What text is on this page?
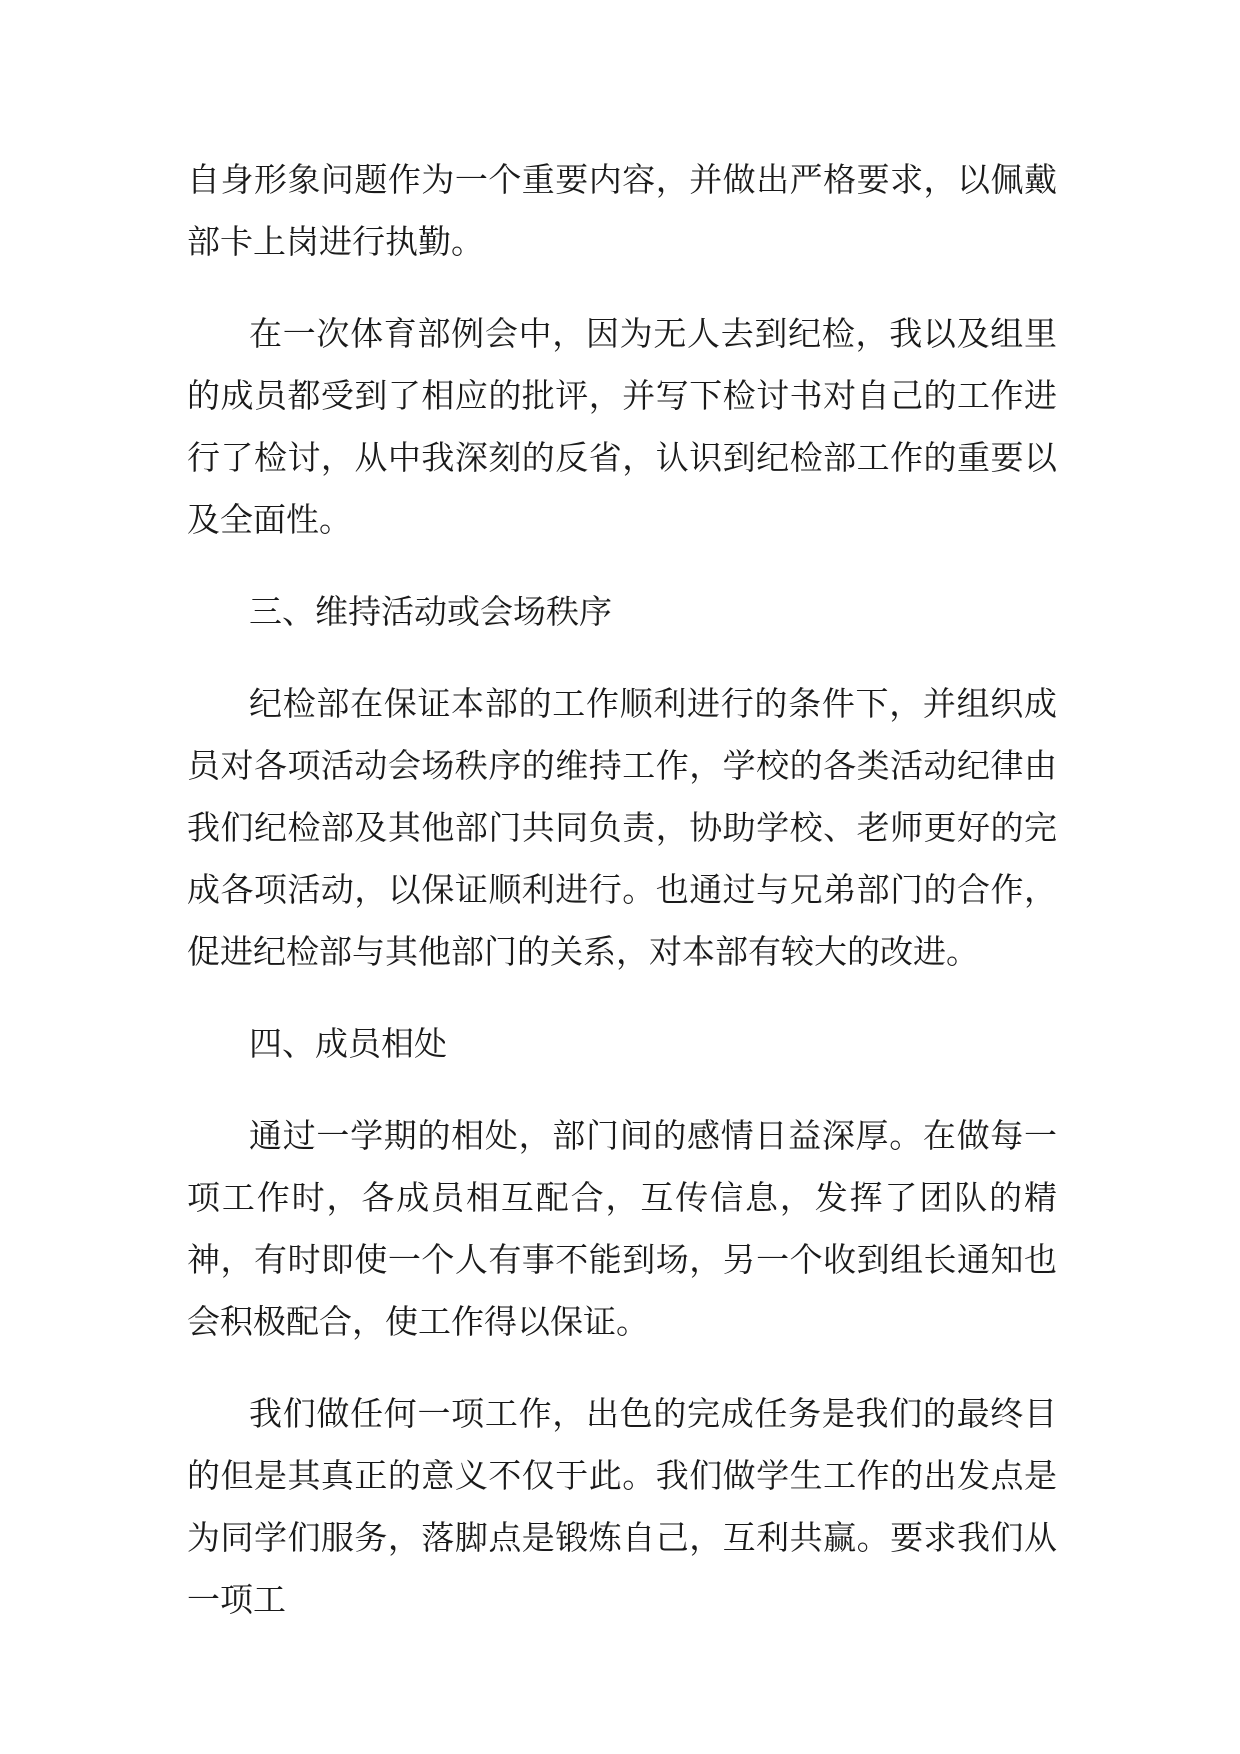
自身形象问题作为一个重要内容，并做出严格要求，以佩戴部卡上岗进行执勤。

在一次体育部例会中，因为无人去到纪检，我以及组里的成员都受到了相应的批评，并写下检讨书对自己的工作进行了检讨，从中我深刻的反省，认识到纪检部工作的重要以及全面性。

三、维持活动或会场秩序

纪检部在保证本部的工作顺利进行的条件下，并组织成员对各项活动会场秩序的维持工作，学校的各类活动纪律由我们纪检部及其他部门共同负责，协助学校、老师更好的完成各项活动，以保证顺利进行。也通过与兄弟部门的合作，促进纪检部与其他部门的关系，对本部有较大的改进。

四、成员相处

通过一学期的相处，部门间的感情日益深厚。在做每一项工作时，各成员相互配合，互传信息，发挥了团队的精神，有时即使一个人有事不能到场，另一个收到组长通知也会积极配合，使工作得以保证。

我们做任何一项工作，出色的完成任务是我们的最终目的但是其真正的意义不仅于此。我们做学生工作的出发点是为同学们服务，落脚点是锻炼自己，互利共赢。要求我们从一项工
